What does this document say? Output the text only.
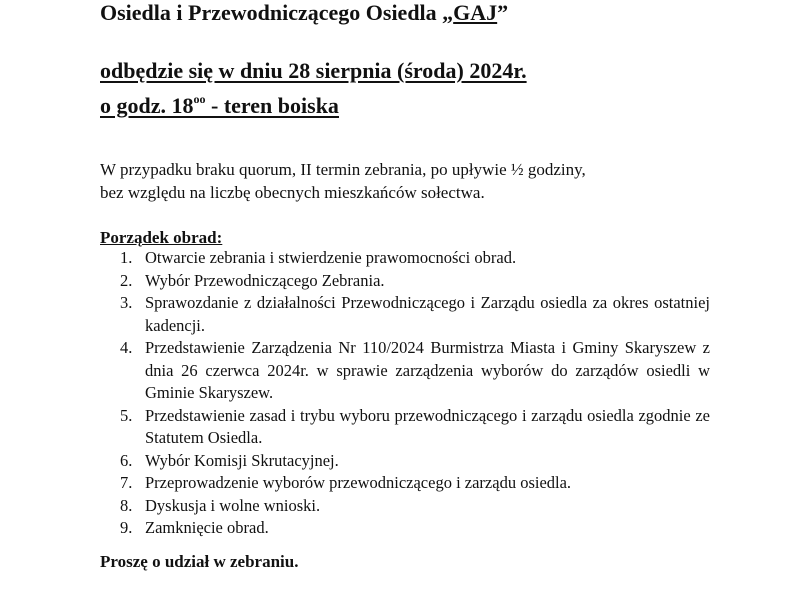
Osiedla i Przewodniczącego Osiedla „GAJ”
odbędzie się w dniu 28 sierpnia (środa) 2024r.
o godz. $18^{oo}$ - teren boiska
W przypadku braku quorum, II termin zebrania, po upływie ½ godziny,
bez względu na liczbę obecnych mieszkańców sołectwa.
Porządek obrad:
1. Otwarcie zebrania i stwierdzenie prawomocności obrad.
2. Wybór Przewodniczącego Zebrania.
3. Sprawozdanie z działalności Przewodniczącego i Zarządu osiedla za okres ostatniej kadencji.
4. Przedstawienie Zarządzenia Nr 110/2024 Burmistrza Miasta i Gminy Skaryszew z dnia 26 czerwca 2024r. w sprawie zarządzenia wyborów do zarządów osiedli w Gminie Skaryszew.
5. Przedstawienie zasad i trybu wyboru przewodniczącego i zarządu osiedla zgodnie ze Statutem Osiedla.
6. Wybór Komisji Skrutacyjnej.
7. Przeprowadzenie wyborów przewodniczącego i zarządu osiedla.
8. Dyskusja i wolne wnioski.
9. Zamknięcie obrad.
Proszę o udział w zebraniu.
